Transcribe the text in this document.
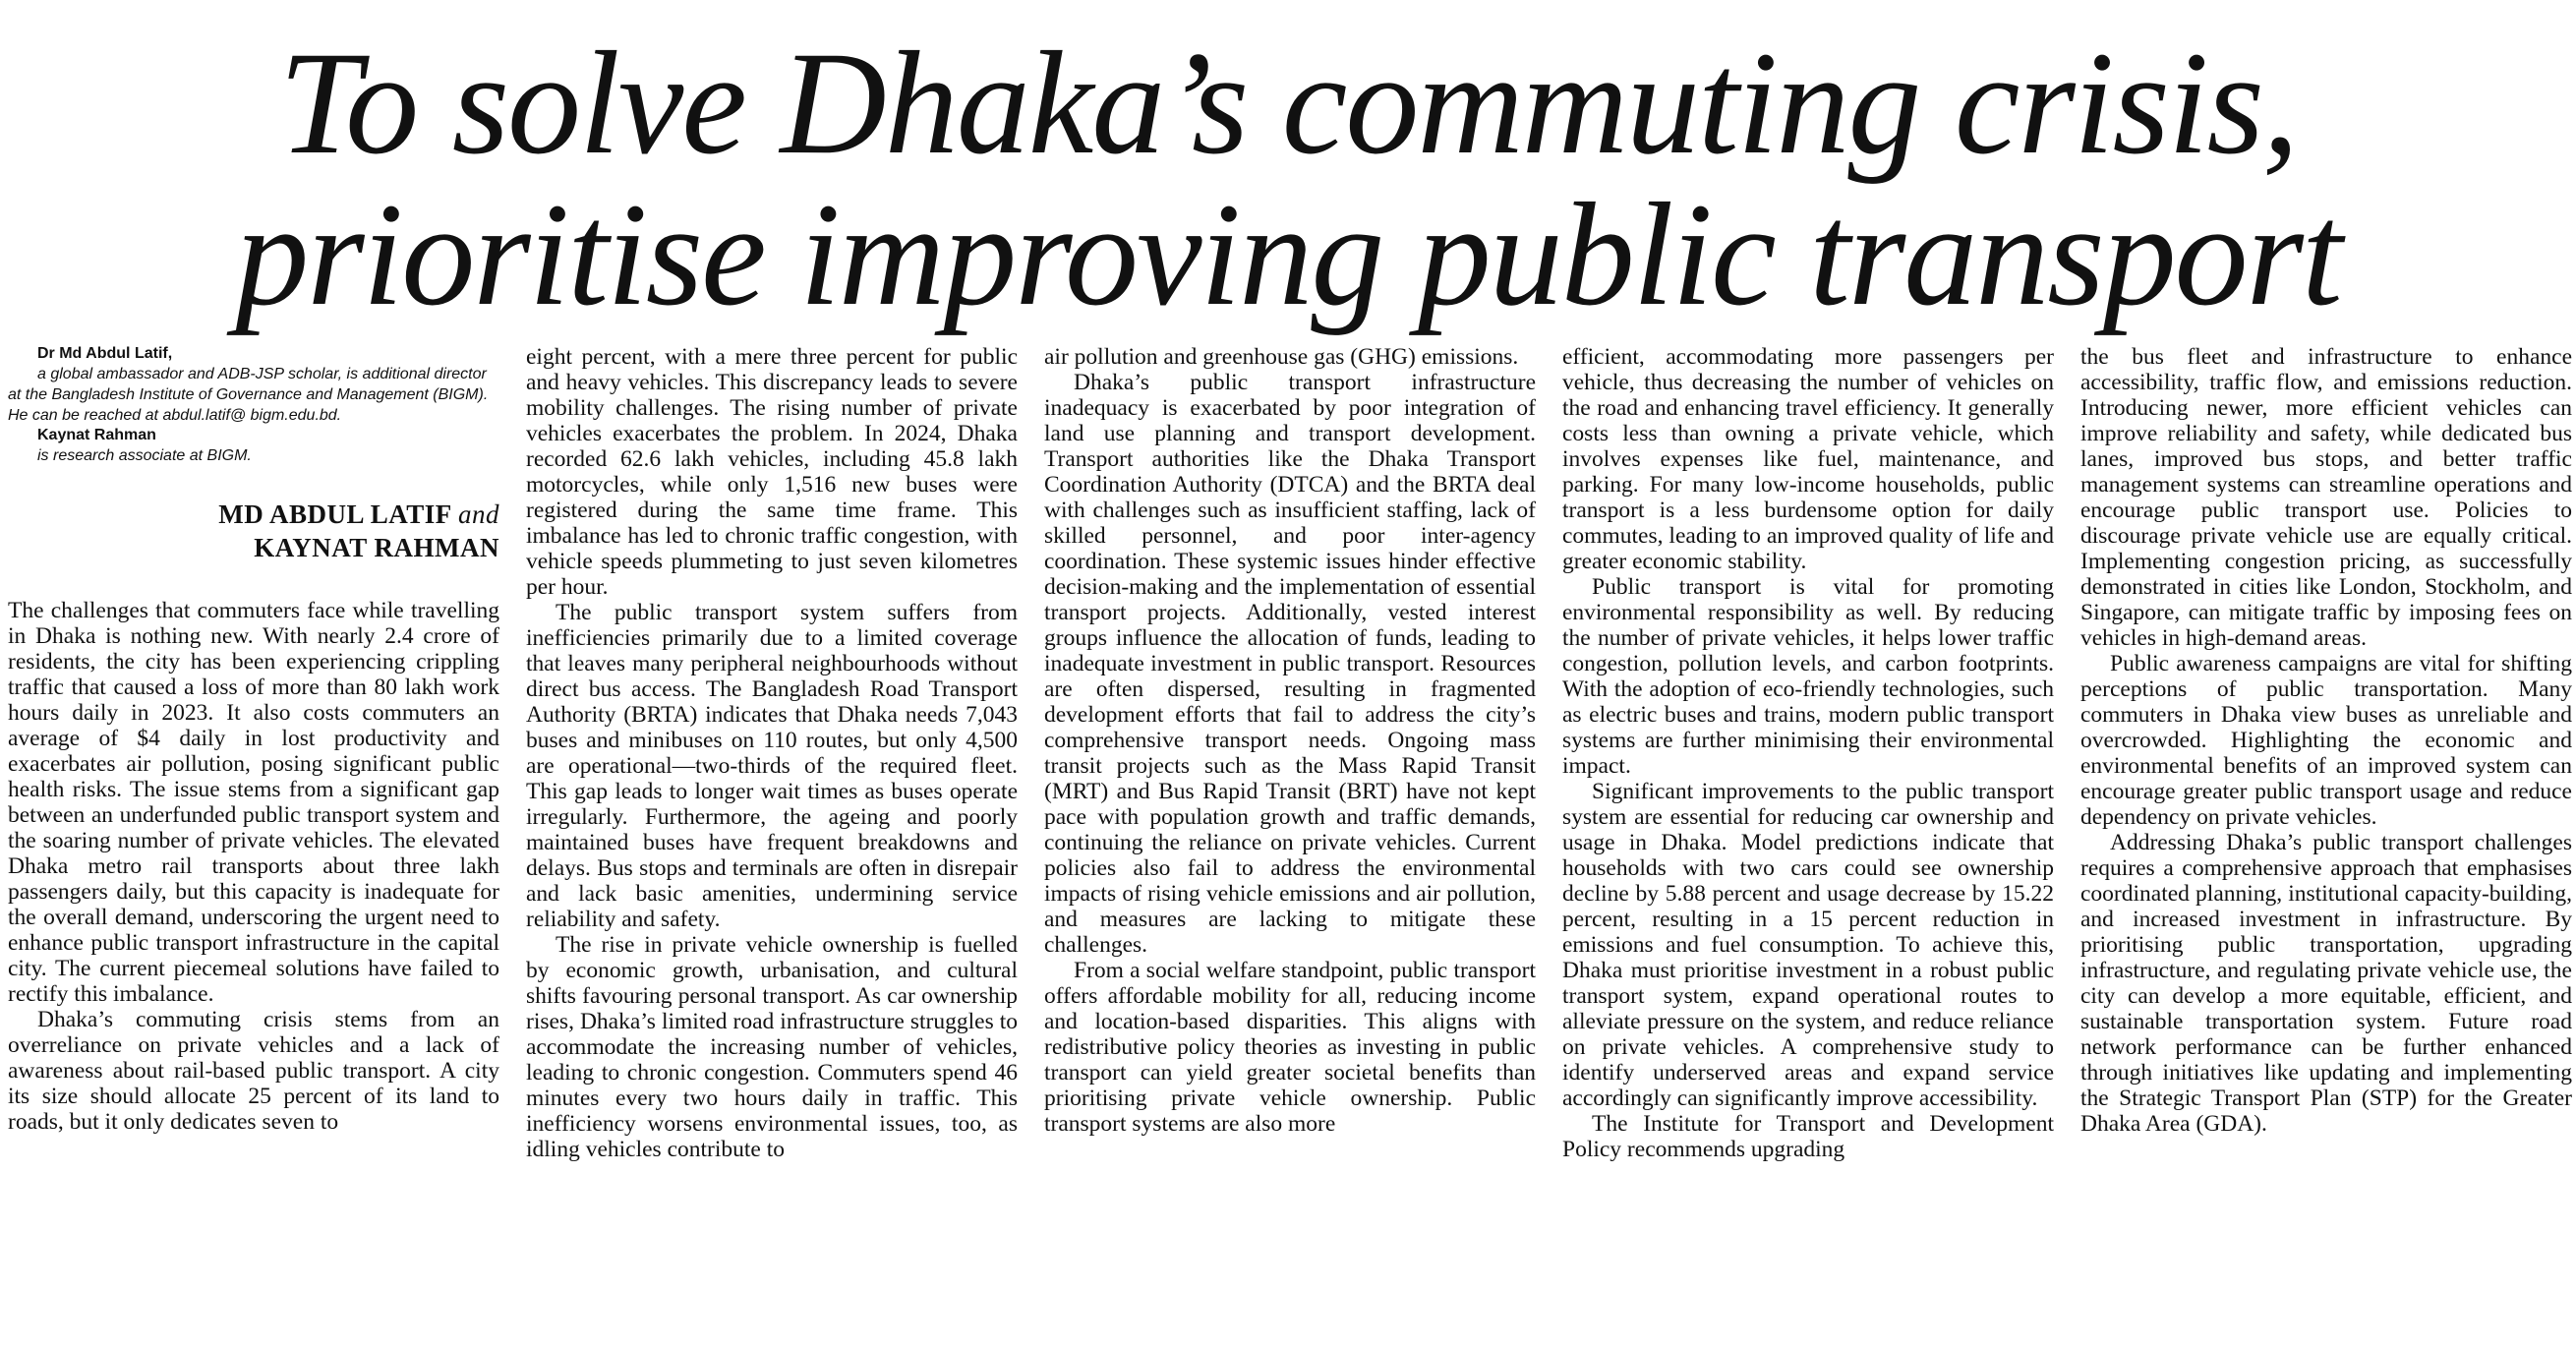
To solve Dhaka’s commuting crisis,
prioritise improving public transport

Dr Md Abdul Latif,

a global ambassador and ADB-JSP scholar, is additional director at the Bangladesh Institute of Governance and Management (BIGM). He can be reached at abdul.latif@ bigm.edu.bd.

Kaynat Rahman

is research associate at BIGM.

MD ABDUL LATIF and
KAYNAT RAHMAN

The challenges that commuters face while travelling in Dhaka is nothing new. With nearly 2.4 crore of residents, the city has been experiencing crippling traffic that caused a loss of more than 80 lakh work hours daily in 2023. It also costs commuters an average of $4 daily in lost productivity and exacerbates air pollution, posing significant public health risks. The issue stems from a significant gap between an underfunded public transport system and the soaring number of private vehicles. The elevated Dhaka metro rail transports about three lakh passengers daily, but this capacity is inadequate for the overall demand, underscoring the urgent need to enhance public transport infrastructure in the capital city. The current piecemeal solutions have failed to rectify this imbalance.

Dhaka’s commuting crisis stems from an overreliance on private vehicles and a lack of awareness about rail-based public transport. A city its size should allocate 25 percent of its land to roads, but it only dedicates seven to

eight percent, with a mere three percent for public and heavy vehicles. This discrepancy leads to severe mobility challenges. The rising number of private vehicles exacerbates the problem. In 2024, Dhaka recorded 62.6 lakh vehicles, including 45.8 lakh motorcycles, while only 1,516 new buses were registered during the same time frame. This imbalance has led to chronic traffic congestion, with vehicle speeds plummeting to just seven kilometres per hour.

The public transport system suffers from inefficiencies primarily due to a limited coverage that leaves many peripheral neighbourhoods without direct bus access. The Bangladesh Road Transport Authority (BRTA) indicates that Dhaka needs 7,043 buses and minibuses on 110 routes, but only 4,500 are operational—two-thirds of the required fleet. This gap leads to longer wait times as buses operate irregularly. Furthermore, the ageing and poorly maintained buses have frequent breakdowns and delays. Bus stops and terminals are often in disrepair and lack basic amenities, undermining service reliability and safety.

The rise in private vehicle ownership is fuelled by economic growth, urbanisation, and cultural shifts favouring personal transport. As car ownership rises, Dhaka’s limited road infrastructure struggles to accommodate the increasing number of vehicles, leading to chronic congestion. Commuters spend 46 minutes every two hours daily in traffic. This inefficiency worsens environmental issues, too, as idling vehicles contribute to

air pollution and greenhouse gas (GHG) emissions.

Dhaka’s public transport infrastructure inadequacy is exacerbated by poor integration of land use planning and transport development. Transport authorities like the Dhaka Transport Coordination Authority (DTCA) and the BRTA deal with challenges such as insufficient staffing, lack of skilled personnel, and poor inter-agency coordination. These systemic issues hinder effective decision-making and the implementation of essential transport projects. Additionally, vested interest groups influence the allocation of funds, leading to inadequate investment in public transport. Resources are often dispersed, resulting in fragmented development efforts that fail to address the city’s comprehensive transport needs. Ongoing mass transit projects such as the Mass Rapid Transit (MRT) and Bus Rapid Transit (BRT) have not kept pace with population growth and traffic demands, continuing the reliance on private vehicles. Current policies also fail to address the environmental impacts of rising vehicle emissions and air pollution, and measures are lacking to mitigate these challenges.

From a social welfare standpoint, public transport offers affordable mobility for all, reducing income and location-based disparities. This aligns with redistributive policy theories as investing in public transport can yield greater societal benefits than prioritising private vehicle ownership. Public transport systems are also more

efficient, accommodating more passengers per vehicle, thus decreasing the number of vehicles on the road and enhancing travel efficiency. It generally costs less than owning a private vehicle, which involves expenses like fuel, maintenance, and parking. For many low-income households, public transport is a less burdensome option for daily commutes, leading to an improved quality of life and greater economic stability.

Public transport is vital for promoting environmental responsibility as well. By reducing the number of private vehicles, it helps lower traffic congestion, pollution levels, and carbon footprints. With the adoption of eco-friendly technologies, such as electric buses and trains, modern public transport systems are further minimising their environmental impact.

Significant improvements to the public transport system are essential for reducing car ownership and usage in Dhaka. Model predictions indicate that households with two cars could see ownership decline by 5.88 percent and usage decrease by 15.22 percent, resulting in a 15 percent reduction in emissions and fuel consumption. To achieve this, Dhaka must prioritise investment in a robust public transport system, expand operational routes to alleviate pressure on the system, and reduce reliance on private vehicles. A comprehensive study to identify underserved areas and expand service accordingly can significantly improve accessibility.

The Institute for Transport and Development Policy recommends upgrading

the bus fleet and infrastructure to enhance accessibility, traffic flow, and emissions reduction. Introducing newer, more efficient vehicles can improve reliability and safety, while dedicated bus lanes, improved bus stops, and better traffic management systems can streamline operations and encourage public transport use. Policies to discourage private vehicle use are equally critical. Implementing congestion pricing, as successfully demonstrated in cities like London, Stockholm, and Singapore, can mitigate traffic by imposing fees on vehicles in high-demand areas.

Public awareness campaigns are vital for shifting perceptions of public transportation. Many commuters in Dhaka view buses as unreliable and overcrowded. Highlighting the economic and environmental benefits of an improved system can encourage greater public transport usage and reduce dependency on private vehicles.

Addressing Dhaka’s public transport challenges requires a comprehensive approach that emphasises coordinated planning, institutional capacity-building, and increased investment in infrastructure. By prioritising public transportation, upgrading infrastructure, and regulating private vehicle use, the city can develop a more equitable, efficient, and sustainable transportation system. Future road network performance can be further enhanced through initiatives like updating and implementing the Strategic Transport Plan (STP) for the Greater Dhaka Area (GDA).
